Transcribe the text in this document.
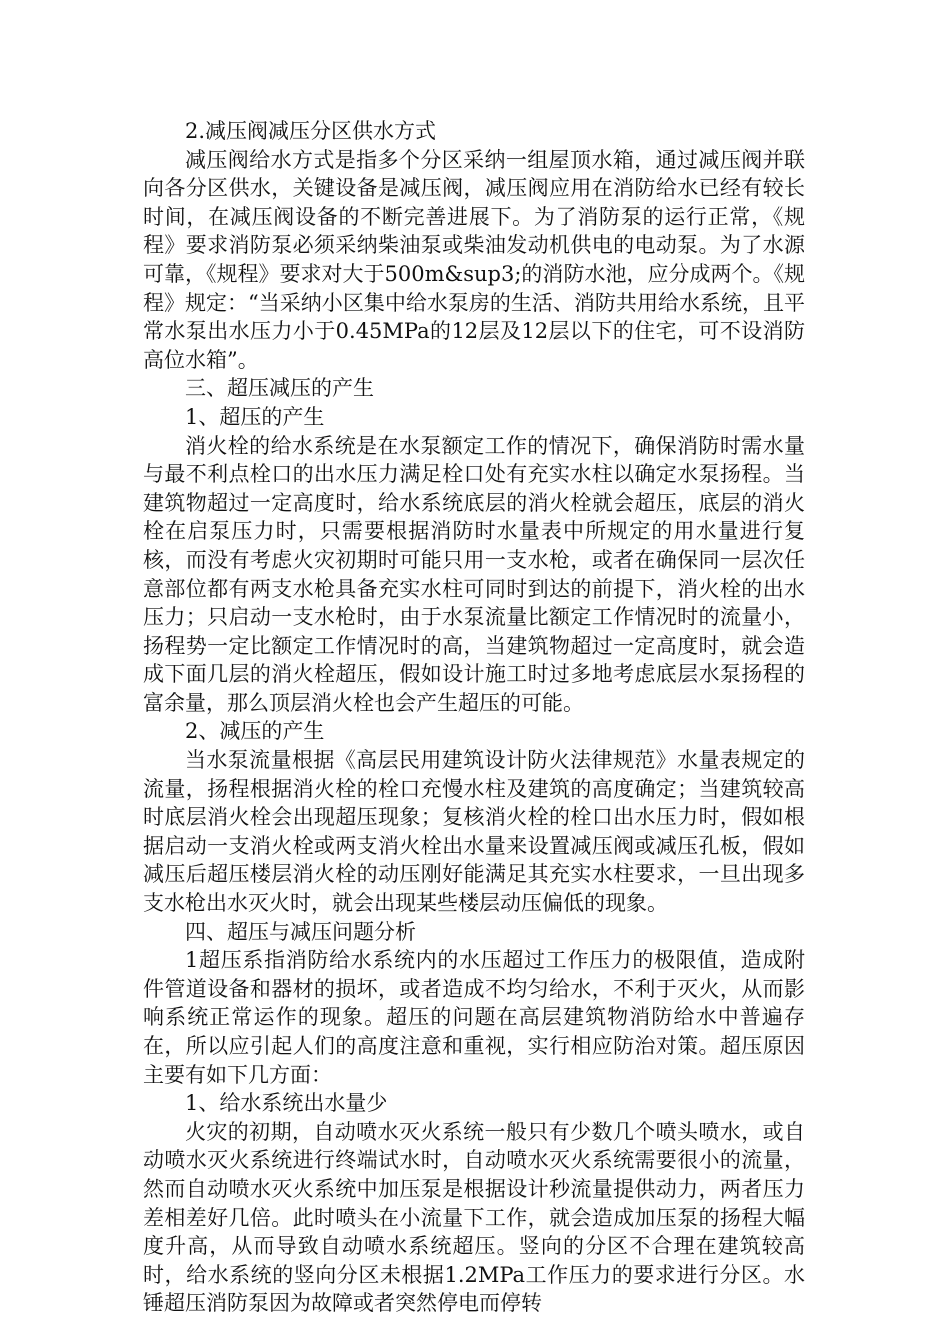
2.减压阀减压分区供水方式

减压阀给水方式是指多个分区采纳一组屋顶水箱，通过减压阀并联向各分区供水，关键设备是减压阀，减压阀应用在消防给水已经有较长时间，在减压阀设备的不断完善进展下。为了消防泵的运行正常，《规程》要求消防泵必须采纳柴油泵或柴油发动机供电的电动泵。为了水源可靠，《规程》要求对大于500m&sup3;的消防水池，应分成两个。《规程》规定：“当采纳小区集中给水泵房的生活、消防共用给水系统，且平常水泵出水压力小于0.45MPa的12层及12层以下的住宅，可不设消防高位水箱”。

三、超压减压的产生

1、超压的产生

消火栓的给水系统是在水泵额定工作的情况下，确保消防时需水量与最不利点栓口的出水压力满足栓口处有充实水柱以确定水泵扬程。当建筑物超过一定高度时，给水系统底层的消火栓就会超压，底层的消火栓在启泵压力时，只需要根据消防时水量表中所规定的用水量进行复核，而没有考虑火灾初期时可能只用一支水枪，或者在确保同一层次任意部位都有两支水枪具备充实水柱可同时到达的前提下，消火栓的出水压力；只启动一支水枪时，由于水泵流量比额定工作情况时的流量小，扬程势一定比额定工作情况时的高，当建筑物超过一定高度时，就会造成下面几层的消火栓超压，假如设计施工时过多地考虑底层水泵扬程的富余量，那么顶层消火栓也会产生超压的可能。

2、减压的产生

当水泵流量根据《高层民用建筑设计防火法律规范》水量表规定的流量，扬程根据消火栓的栓口充慢水柱及建筑的高度确定；当建筑较高时底层消火栓会出现超压现象；复核消火栓的栓口出水压力时，假如根据启动一支消火栓或两支消火栓出水量来设置减压阀或减压孔板，假如减压后超压楼层消火栓的动压刚好能满足其充实水柱要求，一旦出现多支水枪出水灭火时，就会出现某些楼层动压偏低的现象。

四、超压与减压问题分析

1超压系指消防给水系统内的水压超过工作压力的极限值，造成附件管道设备和器材的损坏，或者造成不均匀给水，不利于灭火，从而影响系统正常运作的现象。超压的问题在高层建筑物消防给水中普遍存在，所以应引起人们的高度注意和重视，实行相应防治对策。超压原因主要有如下几方面：

1、给水系统出水量少

火灾的初期，自动喷水灭火系统一般只有少数几个喷头喷水，或自动喷水灭火系统进行终端试水时，自动喷水灭火系统需要很小的流量，然而自动喷水灭火系统中加压泵是根据设计秒流量提供动力，两者压力差相差好几倍。此时喷头在小流量下工作，就会造成加压泵的扬程大幅度升高，从而导致自动喷水系统超压。竖向的分区不合理在建筑较高时，给水系统的竖向分区未根据1.2MPa工作压力的要求进行分区。水锤超压消防泵因为故障或者突然停电而停转
